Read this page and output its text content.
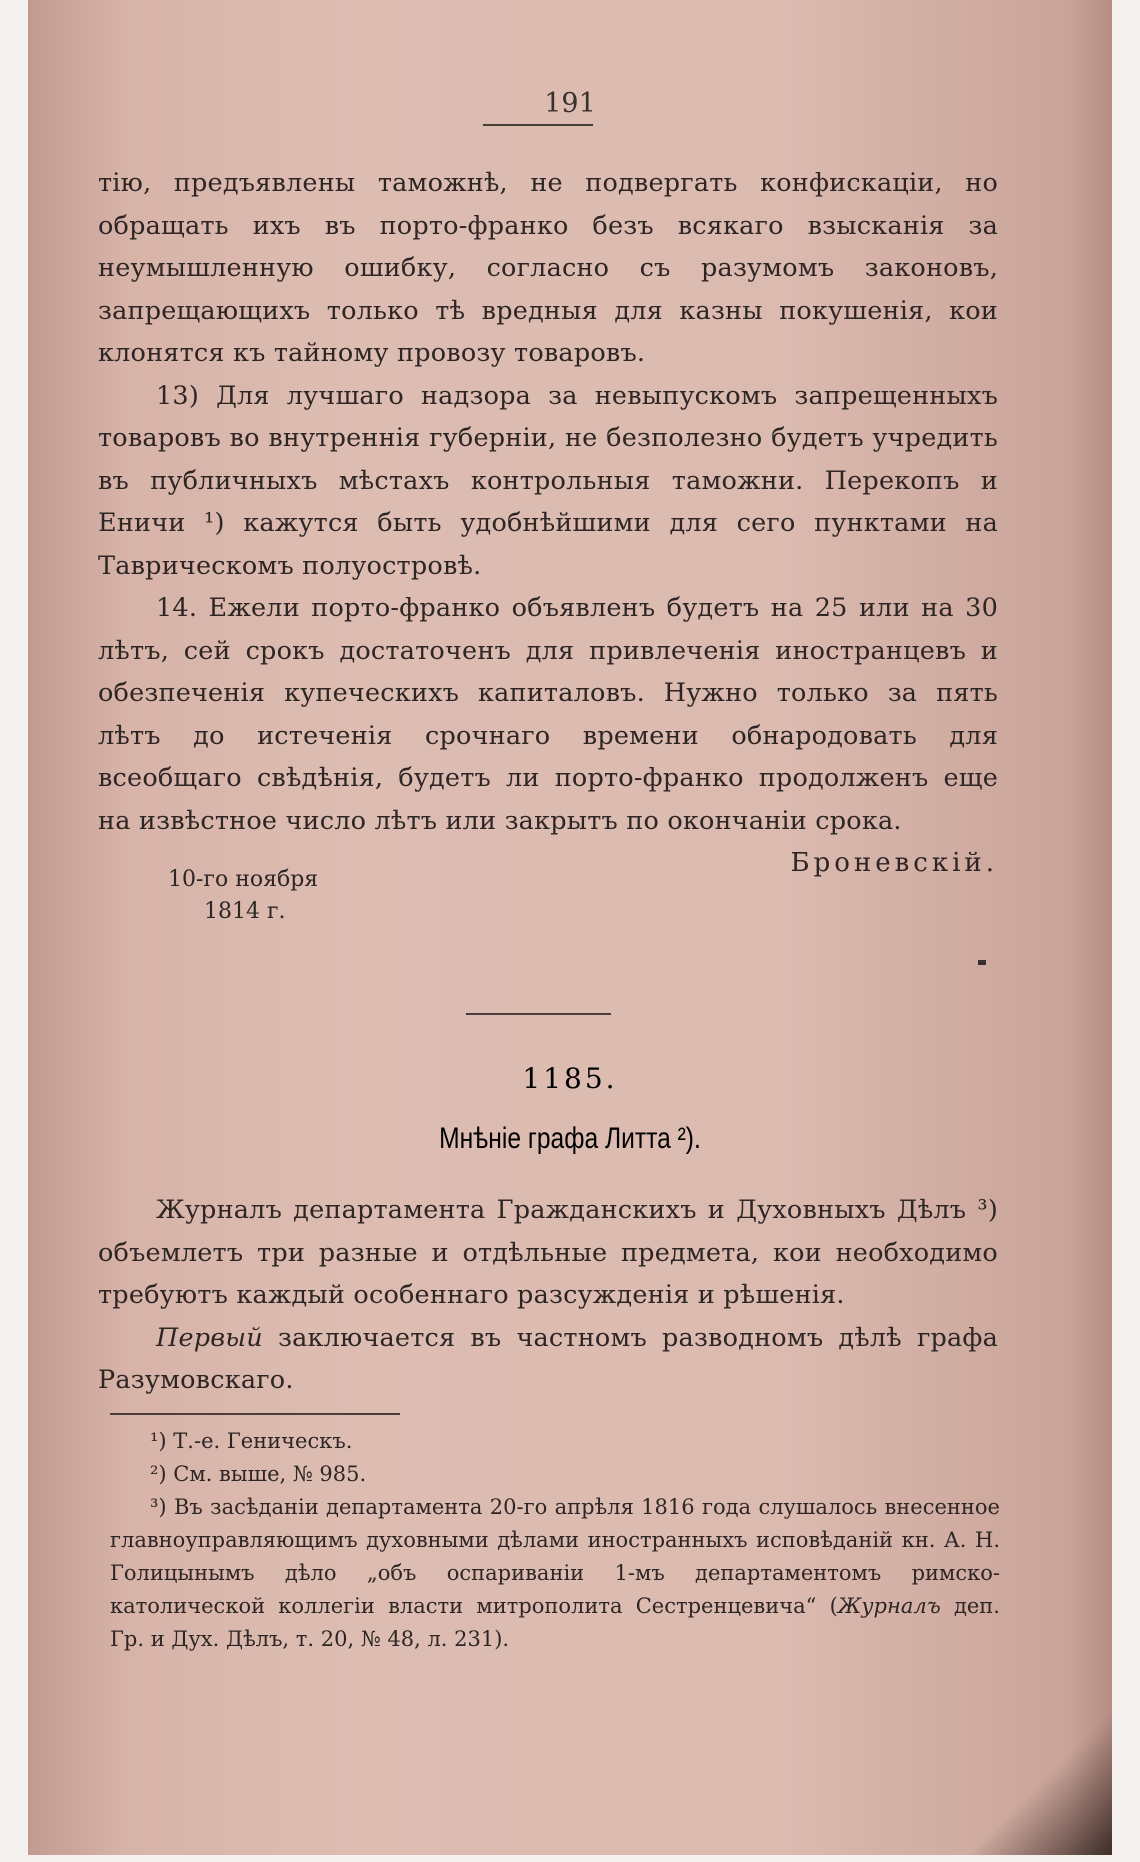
191

тію, предъявлены таможнѣ, не подвергать конфискаціи, но обращать ихъ въ порто-франко безъ всякаго взысканія за неумышленную ошибку, согласно съ разумомъ законовъ, запрещающихъ только тѣ вредныя для казны покушенія, кои клонятся къ тайному провозу товаровъ.

13) Для лучшаго надзора за невыпускомъ запрещенныхъ товаровъ во внутреннія губерніи, не безполезно будетъ учредить въ публичныхъ мѣстахъ контрольныя таможни. Перекопъ и Еничи ¹) кажутся быть удобнѣйшими для сего пунктами на Таврическомъ полуостровѣ.

14. Ежели порто-франко объявленъ будетъ на 25 или на 30 лѣтъ, сей срокъ достаточенъ для привлеченія иностранцевъ и обезпеченія купеческихъ капиталовъ. Нужно только за пять лѣтъ до истеченія срочнаго времени обнародовать для всеобщаго свѣдѣнія, будетъ ли порто-франко продолженъ еще на извѣстное число лѣтъ или закрытъ по окончаніи срока.

Броневскій.
10-го ноября
1814 г.
1185.
Мнѣніе графа Литта ²).

Журналъ департамента Гражданскихъ и Духовныхъ Дѣлъ ³) объемлетъ три разные и отдѣльные предмета, кои необходимо требуютъ каждый особеннаго разсужденія и рѣшенія.

Первый заключается въ частномъ разводномъ дѣлѣ графа Разумовскаго.

¹) Т.-е. Геническъ.

²) См. выше, № 985.

³) Въ засѣданіи департамента 20-го апрѣля 1816 года слушалось внесенное главноуправляющимъ духовными дѣлами иностранныхъ исповѣданій кн. А. Н. Голицынымъ дѣло „объ оспариваніи 1-мъ департаментомъ римско-католической коллегіи власти митрополита Сестренцевича“ (Журналъ деп. Гр. и Дух. Дѣлъ, т. 20, № 48, л. 231).
